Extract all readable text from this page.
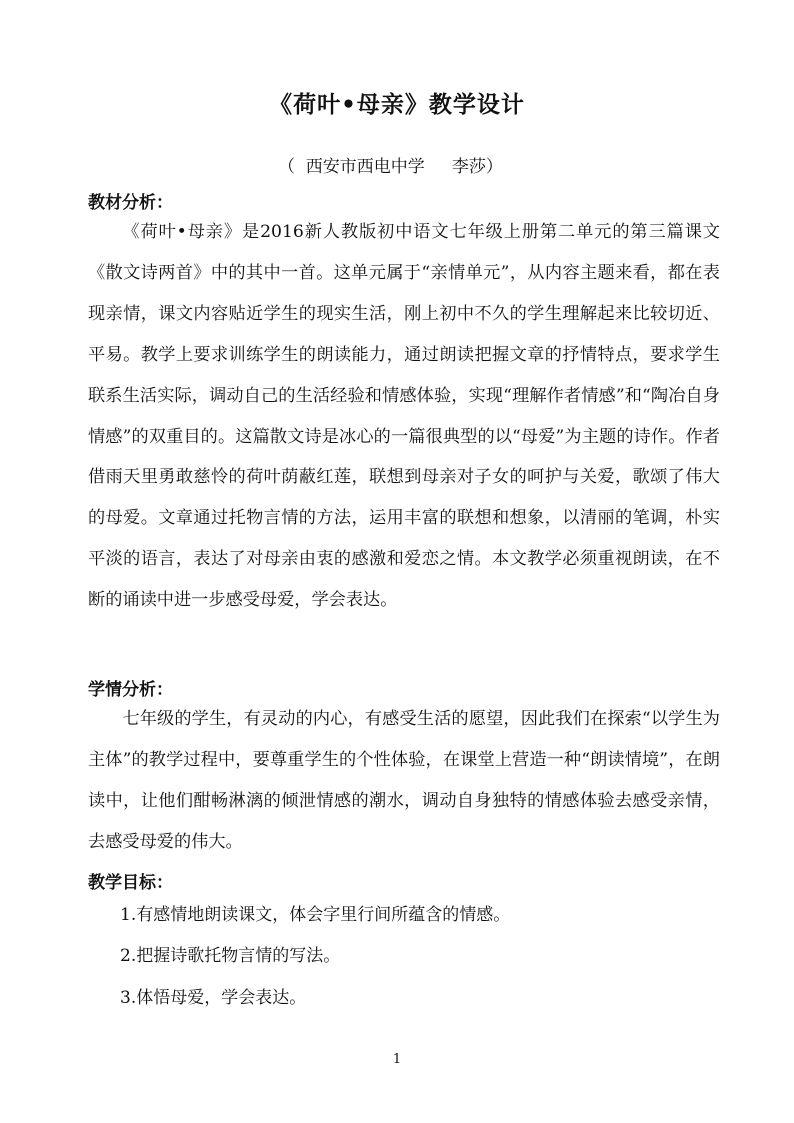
《荷叶•母亲》教学设计
（  西安市西电中学     李莎）
教材分析：

《荷叶•母亲》是2016新人教版初中语文七年级上册第二单元的第三篇课文《散文诗两首》中的其中一首。这单元属于“亲情单元”，从内容主题来看，都在表现亲情，课文内容贴近学生的现实生活，刚上初中不久的学生理解起来比较切近、平易。教学上要求训练学生的朗读能力，通过朗读把握文章的抒情特点，要求学生联系生活实际，调动自己的生活经验和情感体验，实现“理解作者情感”和“陶冶自身情感”的双重目的。这篇散文诗是冰心的一篇很典型的以“母爱”为主题的诗作。作者借雨天里勇敢慈怜的荷叶荫蔽红莲，联想到母亲对子女的呵护与关爱，歌颂了伟大的母爱。文章通过托物言情的方法，运用丰富的联想和想象，以清丽的笔调，朴实平淡的语言，表达了对母亲由衷的感激和爱恋之情。本文教学必须重视朗读，在不断的诵读中进一步感受母爱，学会表达。

学情分析：

七年级的学生，有灵动的内心，有感受生活的愿望，因此我们在探索“以学生为主体”的教学过程中，要尊重学生的个性体验，在课堂上营造一种“朗读情境”，在朗读中，让他们酣畅淋漓的倾泄情感的潮水，调动自身独特的情感体验去感受亲情，去感受母爱的伟大。

教学目标：
1.有感情地朗读课文，体会字里行间所蕴含的情感。
2.把握诗歌托物言情的写法。
3.体悟母爱，学会表达。
1
